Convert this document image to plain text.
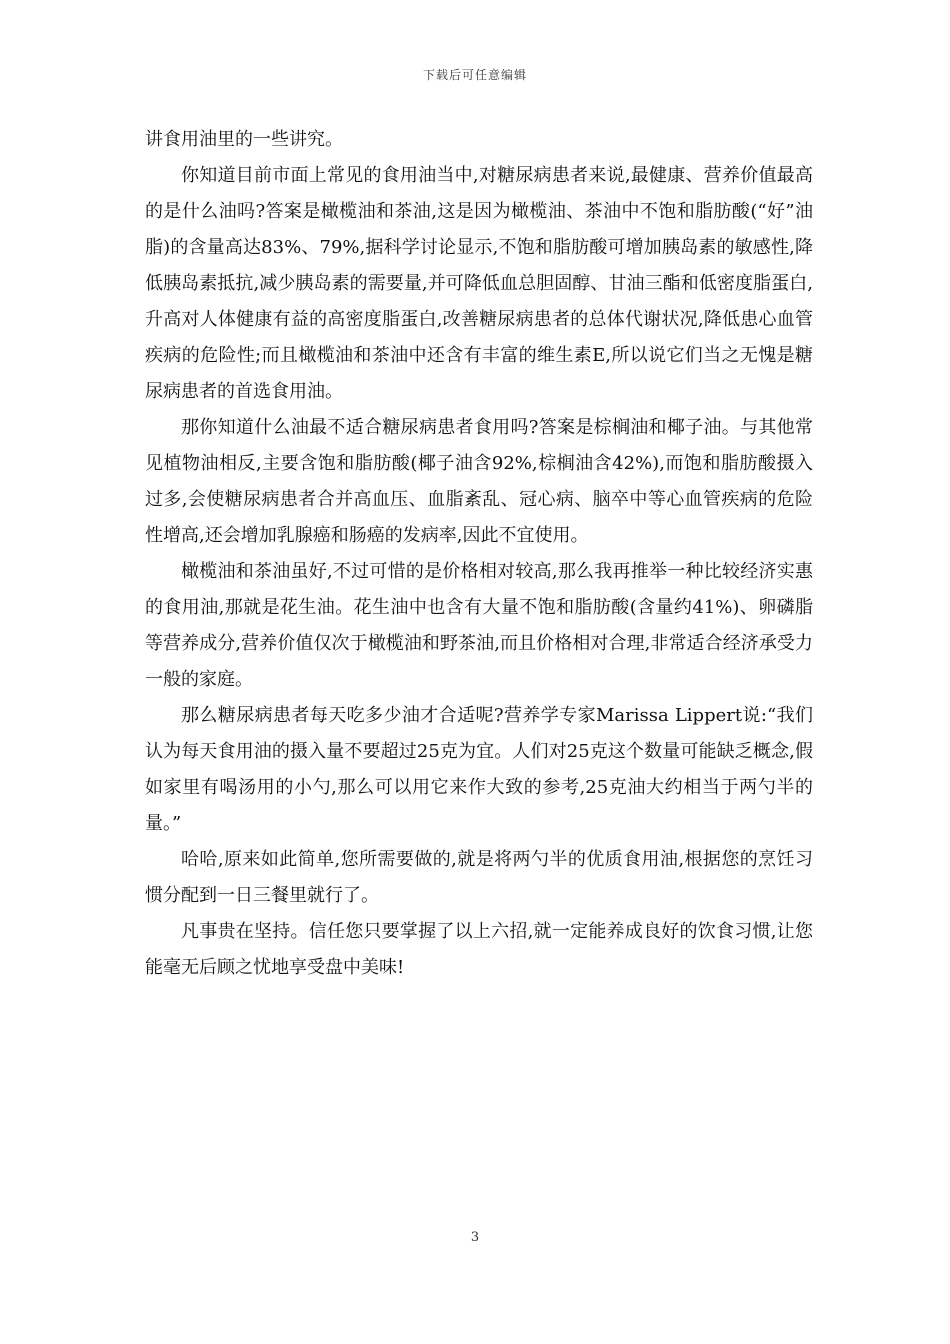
下载后可任意编辑

讲食用油里的一些讲究。

你知道目前市面上常见的食用油当中,对糖尿病患者来说,最健康、营养价值最高的是什么油吗?答案是橄榄油和茶油,这是因为橄榄油、茶油中不饱和脂肪酸(“好”油脂)的含量高达83%、79%,据科学讨论显示,不饱和脂肪酸可增加胰岛素的敏感性,降低胰岛素抵抗,减少胰岛素的需要量,并可降低血总胆固醇、甘油三酯和低密度脂蛋白,升高对人体健康有益的高密度脂蛋白,改善糖尿病患者的总体代谢状况,降低患心血管疾病的危险性;而且橄榄油和茶油中还含有丰富的维生素E,所以说它们当之无愧是糖尿病患者的首选食用油。

那你知道什么油最不适合糖尿病患者食用吗?答案是棕榈油和椰子油。与其他常见植物油相反,主要含饱和脂肪酸(椰子油含92%,棕榈油含42%),而饱和脂肪酸摄入过多,会使糖尿病患者合并高血压、血脂紊乱、冠心病、脑卒中等心血管疾病的危险性增高,还会增加乳腺癌和肠癌的发病率,因此不宜使用。

橄榄油和茶油虽好,不过可惜的是价格相对较高,那么我再推举一种比较经济实惠的食用油,那就是花生油。花生油中也含有大量不饱和脂肪酸(含量约41%)、卵磷脂等营养成分,营养价值仅次于橄榄油和野茶油,而且价格相对合理,非常适合经济承受力一般的家庭。

那么糖尿病患者每天吃多少油才合适呢?营养学专家Marissa Lippert说:“我们认为每天食用油的摄入量不要超过25克为宜。人们对25克这个数量可能缺乏概念,假如家里有喝汤用的小勺,那么可以用它来作大致的参考,25克油大约相当于两勺半的量。”

哈哈,原来如此简单,您所需要做的,就是将两勺半的优质食用油,根据您的烹饪习惯分配到一日三餐里就行了。

凡事贵在坚持。信任您只要掌握了以上六招,就一定能养成良好的饮食习惯,让您能毫无后顾之忧地享受盘中美味!

3
